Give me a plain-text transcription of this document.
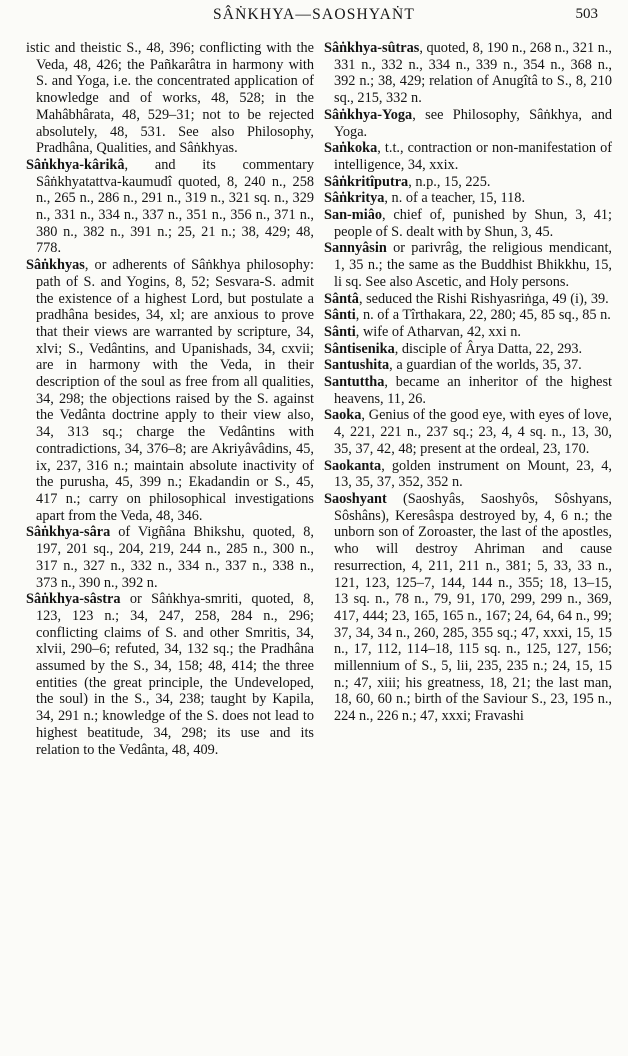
SÂṄKHYA—SAOSHYAṄT	503

istic and theistic S., 48, 396; conflicting with the Veda, 48, 426; the Pañkarâtra in harmony with S. and Yoga, i.e. the concentrated application of knowledge and of works, 48, 528; in the Mahâbhârata, 48, 529–31; not to be rejected absolutely, 48, 531. See also Philosophy, Pradhâna, Qualities, and Sâṅkhyas.

Sâṅkhya-kârikâ, and its commentary Sâṅkhyatattva-kaumudî quoted, 8, 240 n., 258 n., 265 n., 286 n., 291 n., 319 n., 321 sq. n., 329 n., 331 n., 334 n., 337 n., 351 n., 356 n., 371 n., 380 n., 382 n., 391 n.; 25, 21 n.; 38, 429; 48, 778.

Sâṅkhyas, or adherents of Sâṅkhya philosophy: path of S. and Yogins, 8, 52; Sesvara-S. admit the existence of a highest Lord, but postulate a pradhâna besides, 34, xl; are anxious to prove that their views are warranted by scripture, 34, xlvi; S., Vedântins, and Upanishads, 34, cxvii; are in harmony with the Veda, in their description of the soul as free from all qualities, 34, 298; the objections raised by the S. against the Vedânta doctrine apply to their view also, 34, 313 sq.; charge the Vedântins with contradictions, 34, 376–8; are Akriyâvâdins, 45, ix, 237, 316 n.; maintain absolute inactivity of the purusha, 45, 399 n.; Ekadandin or S., 45, 417 n.; carry on philosophical investigations apart from the Veda, 48, 346.

Sâṅkhya-sâra of Vigñâna Bhikshu, quoted, 8, 197, 201 sq., 204, 219, 244 n., 285 n., 300 n., 317 n., 327 n., 332 n., 334 n., 337 n., 338 n., 373 n., 390 n., 392 n.

Sâṅkhya-sâstra or Sâṅkhya-smriti, quoted, 8, 123, 123 n.; 34, 247, 258, 284 n., 296; conflicting claims of S. and other Smritis, 34, xlvii, 290–6; refuted, 34, 132 sq.; the Pradhâna assumed by the S., 34, 158; 48, 414; the three entities (the great principle, the Undeveloped, the soul) in the S., 34, 238; taught by Kapila, 34, 291 n.; knowledge of the S. does not lead to highest beatitude, 34, 298; its use and its relation to the Vedânta, 48, 409.

Sâṅkhya-sûtras, quoted, 8, 190 n., 268 n., 321 n., 331 n., 332 n., 334 n., 339 n., 354 n., 368 n., 392 n.; 38, 429; relation of Anugîtâ to S., 8, 210 sq., 215, 332 n.

Sâṅkhya-Yoga, see Philosophy, Sâṅkhya, and Yoga.

Saṅkoka, t.t., contraction or non-manifestation of intelligence, 34, xxix.

Sâṅkritîputra, n.p., 15, 225.

Sâṅkritya, n. of a teacher, 15, 118.

San-miâo, chief of, punished by Shun, 3, 41; people of S. dealt with by Shun, 3, 45.

Sannyâsin or parivrâg, the religious mendicant, 1, 35 n.; the same as the Buddhist Bhikkhu, 15, li sq. See also Ascetic, and Holy persons.

Sântâ, seduced the Rishi Rishyasriṅga, 49 (i), 39.

Sânti, n. of a Tîrthakara, 22, 280; 45, 85 sq., 85 n.

Sânti, wife of Atharvan, 42, xxi n.

Sântisenika, disciple of Ârya Datta, 22, 293.

Santushita, a guardian of the worlds, 35, 37.

Santuttha, became an inheritor of the highest heavens, 11, 26.

Saoka, Genius of the good eye, with eyes of love, 4, 221, 221 n., 237 sq.; 23, 4, 4 sq. n., 13, 30, 35, 37, 42, 48; present at the ordeal, 23, 170.

Saokanta, golden instrument on Mount, 23, 4, 13, 35, 37, 352, 352 n.

Saoshyant (Saoshyâs, Saoshyôs, Sôshyans, Sôshâns), Keresâspa destroyed by, 4, 6 n.; the unborn son of Zoroaster, the last of the apostles, who will destroy Ahriman and cause resurrection, 4, 211, 211 n., 381; 5, 33, 33 n., 121, 123, 125–7, 144, 144 n., 355; 18, 13–15, 13 sq. n., 78 n., 79, 91, 170, 299, 299 n., 369, 417, 444; 23, 165, 165 n., 167; 24, 64, 64 n., 99; 37, 34, 34 n., 260, 285, 355 sq.; 47, xxxi, 15, 15 n., 17, 112, 114–18, 115 sq. n., 125, 127, 156; millennium of S., 5, lii, 235, 235 n.; 24, 15, 15 n.; 47, xiii; his greatness, 18, 21; the last man, 18, 60, 60 n.; birth of the Saviour S., 23, 195 n., 224 n., 226 n.; 47, xxxi; Fravashi
